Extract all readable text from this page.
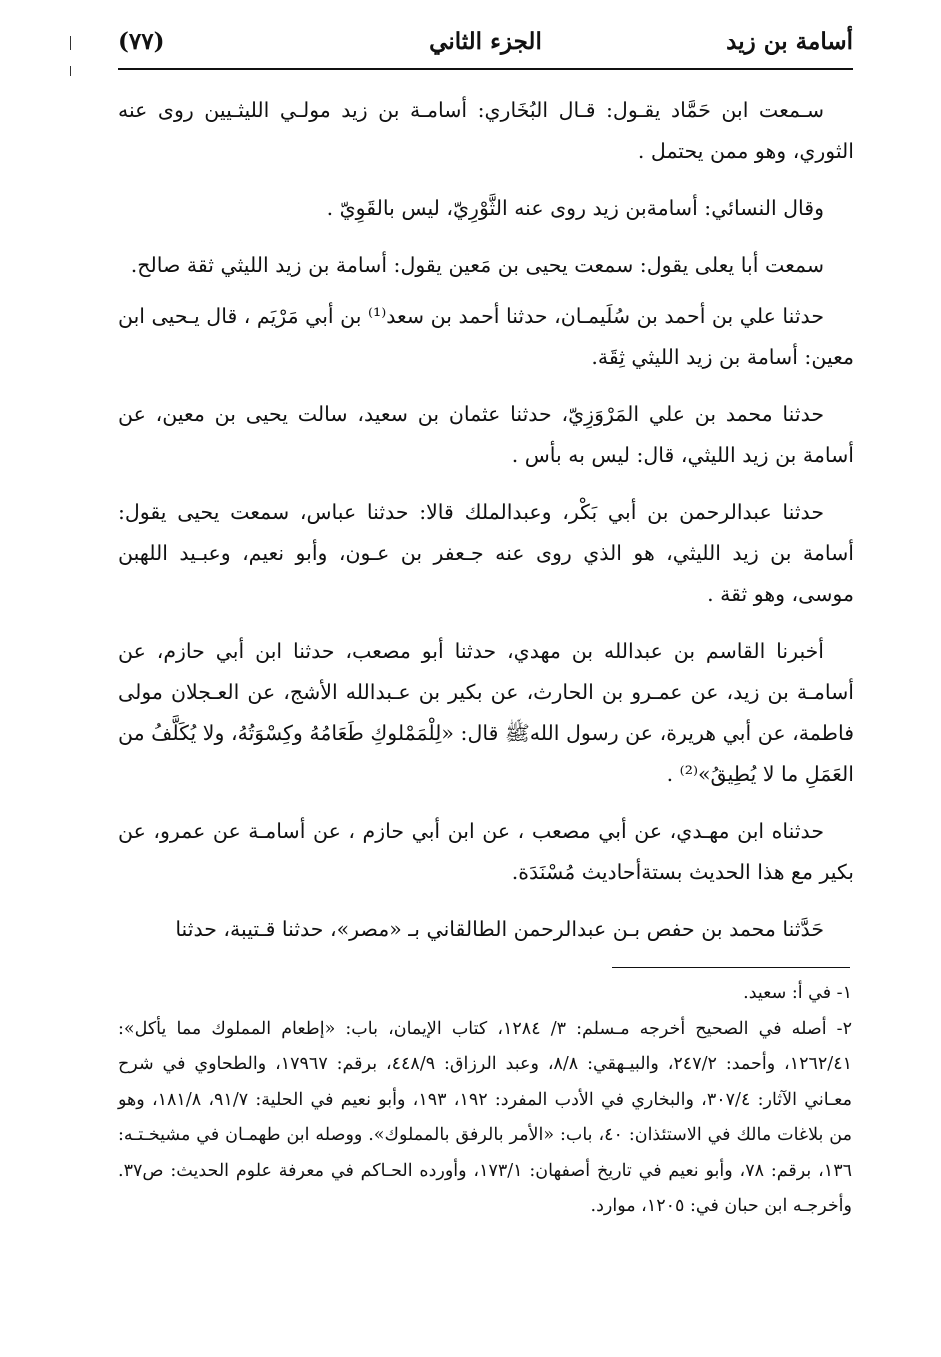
أسامة بن زيد
الجزء الثاني
(٧٧)

سـمعت ابن حَمَّاد يقـول: قـال البُخَاري: أسامـة بن زيد مولـي الليثـيين روى عنه الثوري، وهو ممن يحتمل .

وقال النسائي: أسامةبن زيد روى عنه الثَّوْرِيّ، ليس بالقَوِيّ .

سمعت أبا يعلى يقول: سمعت يحيى بن مَعين يقول: أسامة بن زيد الليثي ثقة صالح.

حدثنا علي بن أحمد بن سُلَيمـان، حدثنا أحمد بن سعد⁽¹⁾ بن أبي مَرْيَم ، قال يـحيى ابن معين: أسامة بن زيد الليثي ثِقَة.

حدثنا محمد بن علي المَرْوَزِيّ، حدثنا عثمان بن سعيد، سالت يحيى بن معين، عن أسامة بن زيد الليثي، قال: ليس به بأس .

حدثنا عبدالرحمن بن أبي بَكْر، وعبدالملك قالا: حدثنا عباس، سمعت يحيى يقول: أسامة بن زيد الليثي، هو الذي روى عنه جـعفر بن عـون، وأبو نعيم، وعبـيد اللهبن موسى، وهو ثقة .

أخبرنا القاسم بن عبدالله بن مهدي، حدثنا أبو مصعب، حدثنا ابن أبي حازم، عن أسامـة بن زيد، عن عمـرو بن الحارث، عن بكير بن عـبدالله الأشج، عن العـجلان مولى فاطمة، عن أبي هريرة، عن رسول اللهﷺ قال: «لِلْمَمْلوكِ طَعَامُهُ وكِسْوَتُهُ، ولا يُكَلَّفُ من العَمَلِ ما لا يُطِيقُ»⁽²⁾ .

حدثناه ابن مهـدي، عن أبي مصعب ، عن ابن أبي حازم ، عن أسامـة عن عمرو، عن بكير مع هذا الحديث بستةأحاديث مُسْنَدَة.

حَدَّثنا محمد بن حفص بـن عبدالرحمن الطالقاني بـ «مصر»، حدثنا قـتيبة، حدثنا

١- في أ: سعيد.

٢- أصله في الصحيح أخرجه مـسلم: ٣/ ١٢٨٤، كتاب الإيمان، باب: «إطعام المملوك مما يأكل»: ١٢٦٢/٤١، وأحمد: ٢٤٧/٢، والبيـهقي: ٨/٨، وعبد الرزاق: ٤٤٨/٩، برقم: ١٧٩٦٧، والطحاوي في شرح معـاني الآثار: ٣٠٧/٤، والبخاري في الأدب المفرد: ١٩٢، ١٩٣، وأبو نعيم في الحلية: ٩١/٧، ١٨١/٨، وهو من بلاغات مالك في الاستئذان: ٤٠، باب: «الأمر بالرفق بالمملوك». ووصله ابن طهمـان في مشيخـتـه: ١٣٦، برقم: ٧٨، وأبو نعيم في تاريخ أصفهان: ١٧٣/١، وأورده الحـاكم في معرفة علوم الحديث: ص٣٧. وأخرجـه ابن حبان في: ١٢٠٥، موارد.
